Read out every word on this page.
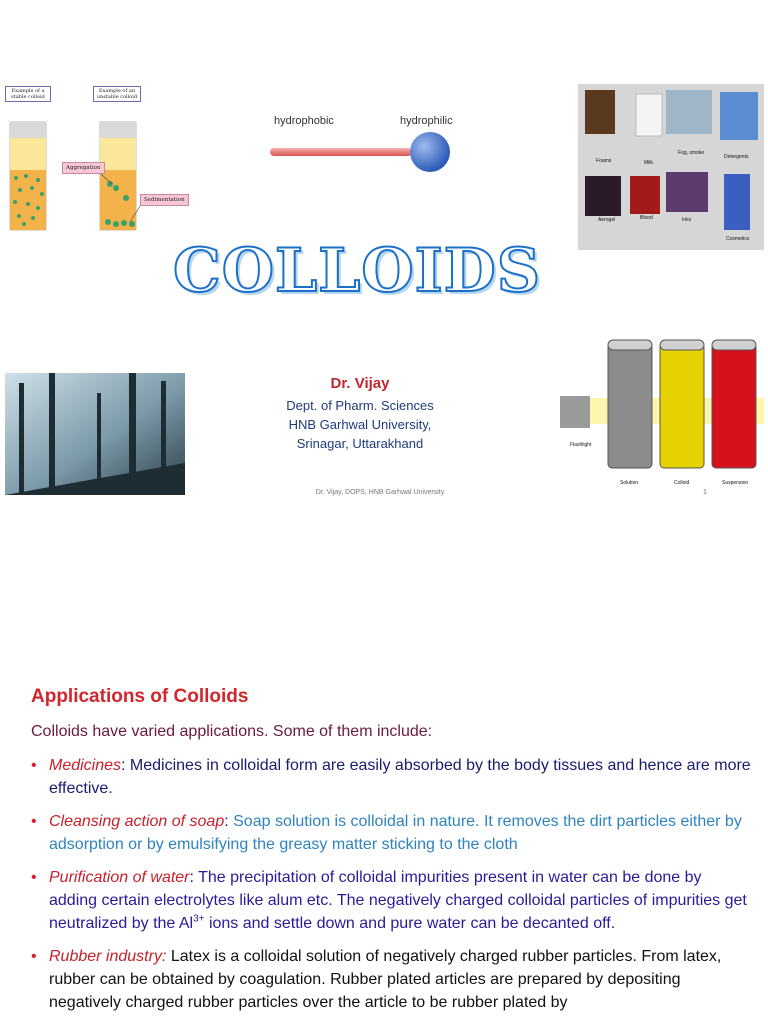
Example of a stable colloid
Example of an unstable colloid
Aggregation
Sedimentation
hydrophobic	hydrophilic
Foams	Milk
Fog, smoke
Detergents
Aerogel	Blood	Inks
Cosmetics
COLLOIDS
Dr. Vijay
Dept. of Pharm. Sciences
HNB Garhwal University,
Srinagar, Uttarakhand	Flashlight
Solution	Colloid	Suspension
Dr. Vijay, DOPS, HNB Garhwal University	1
Applications of Colloids
Colloids have varied applications. Some of them include:
• Medicines: Medicines in colloidal form are easily absorbed by the body tissues and hence are more effective.
• Cleansing action of soap: Soap solution is colloidal in nature. It removes the dirt particles either by adsorption or by emulsifying the greasy matter sticking to the cloth
• Purification of water: The precipitation of colloidal impurities present in water can be done by adding certain electrolytes like alum etc. The negatively charged colloidal particles of impurities get neutralized by the $Al^{3+}$ ions and settle down and pure water can be decanted off.
• Rubber industry: Latex is a colloidal solution of negatively charged rubber particles. From latex, rubber can be obtained by coagulation. Rubber plated articles are prepared by depositing negatively charged rubber particles over the article to be rubber plated by
